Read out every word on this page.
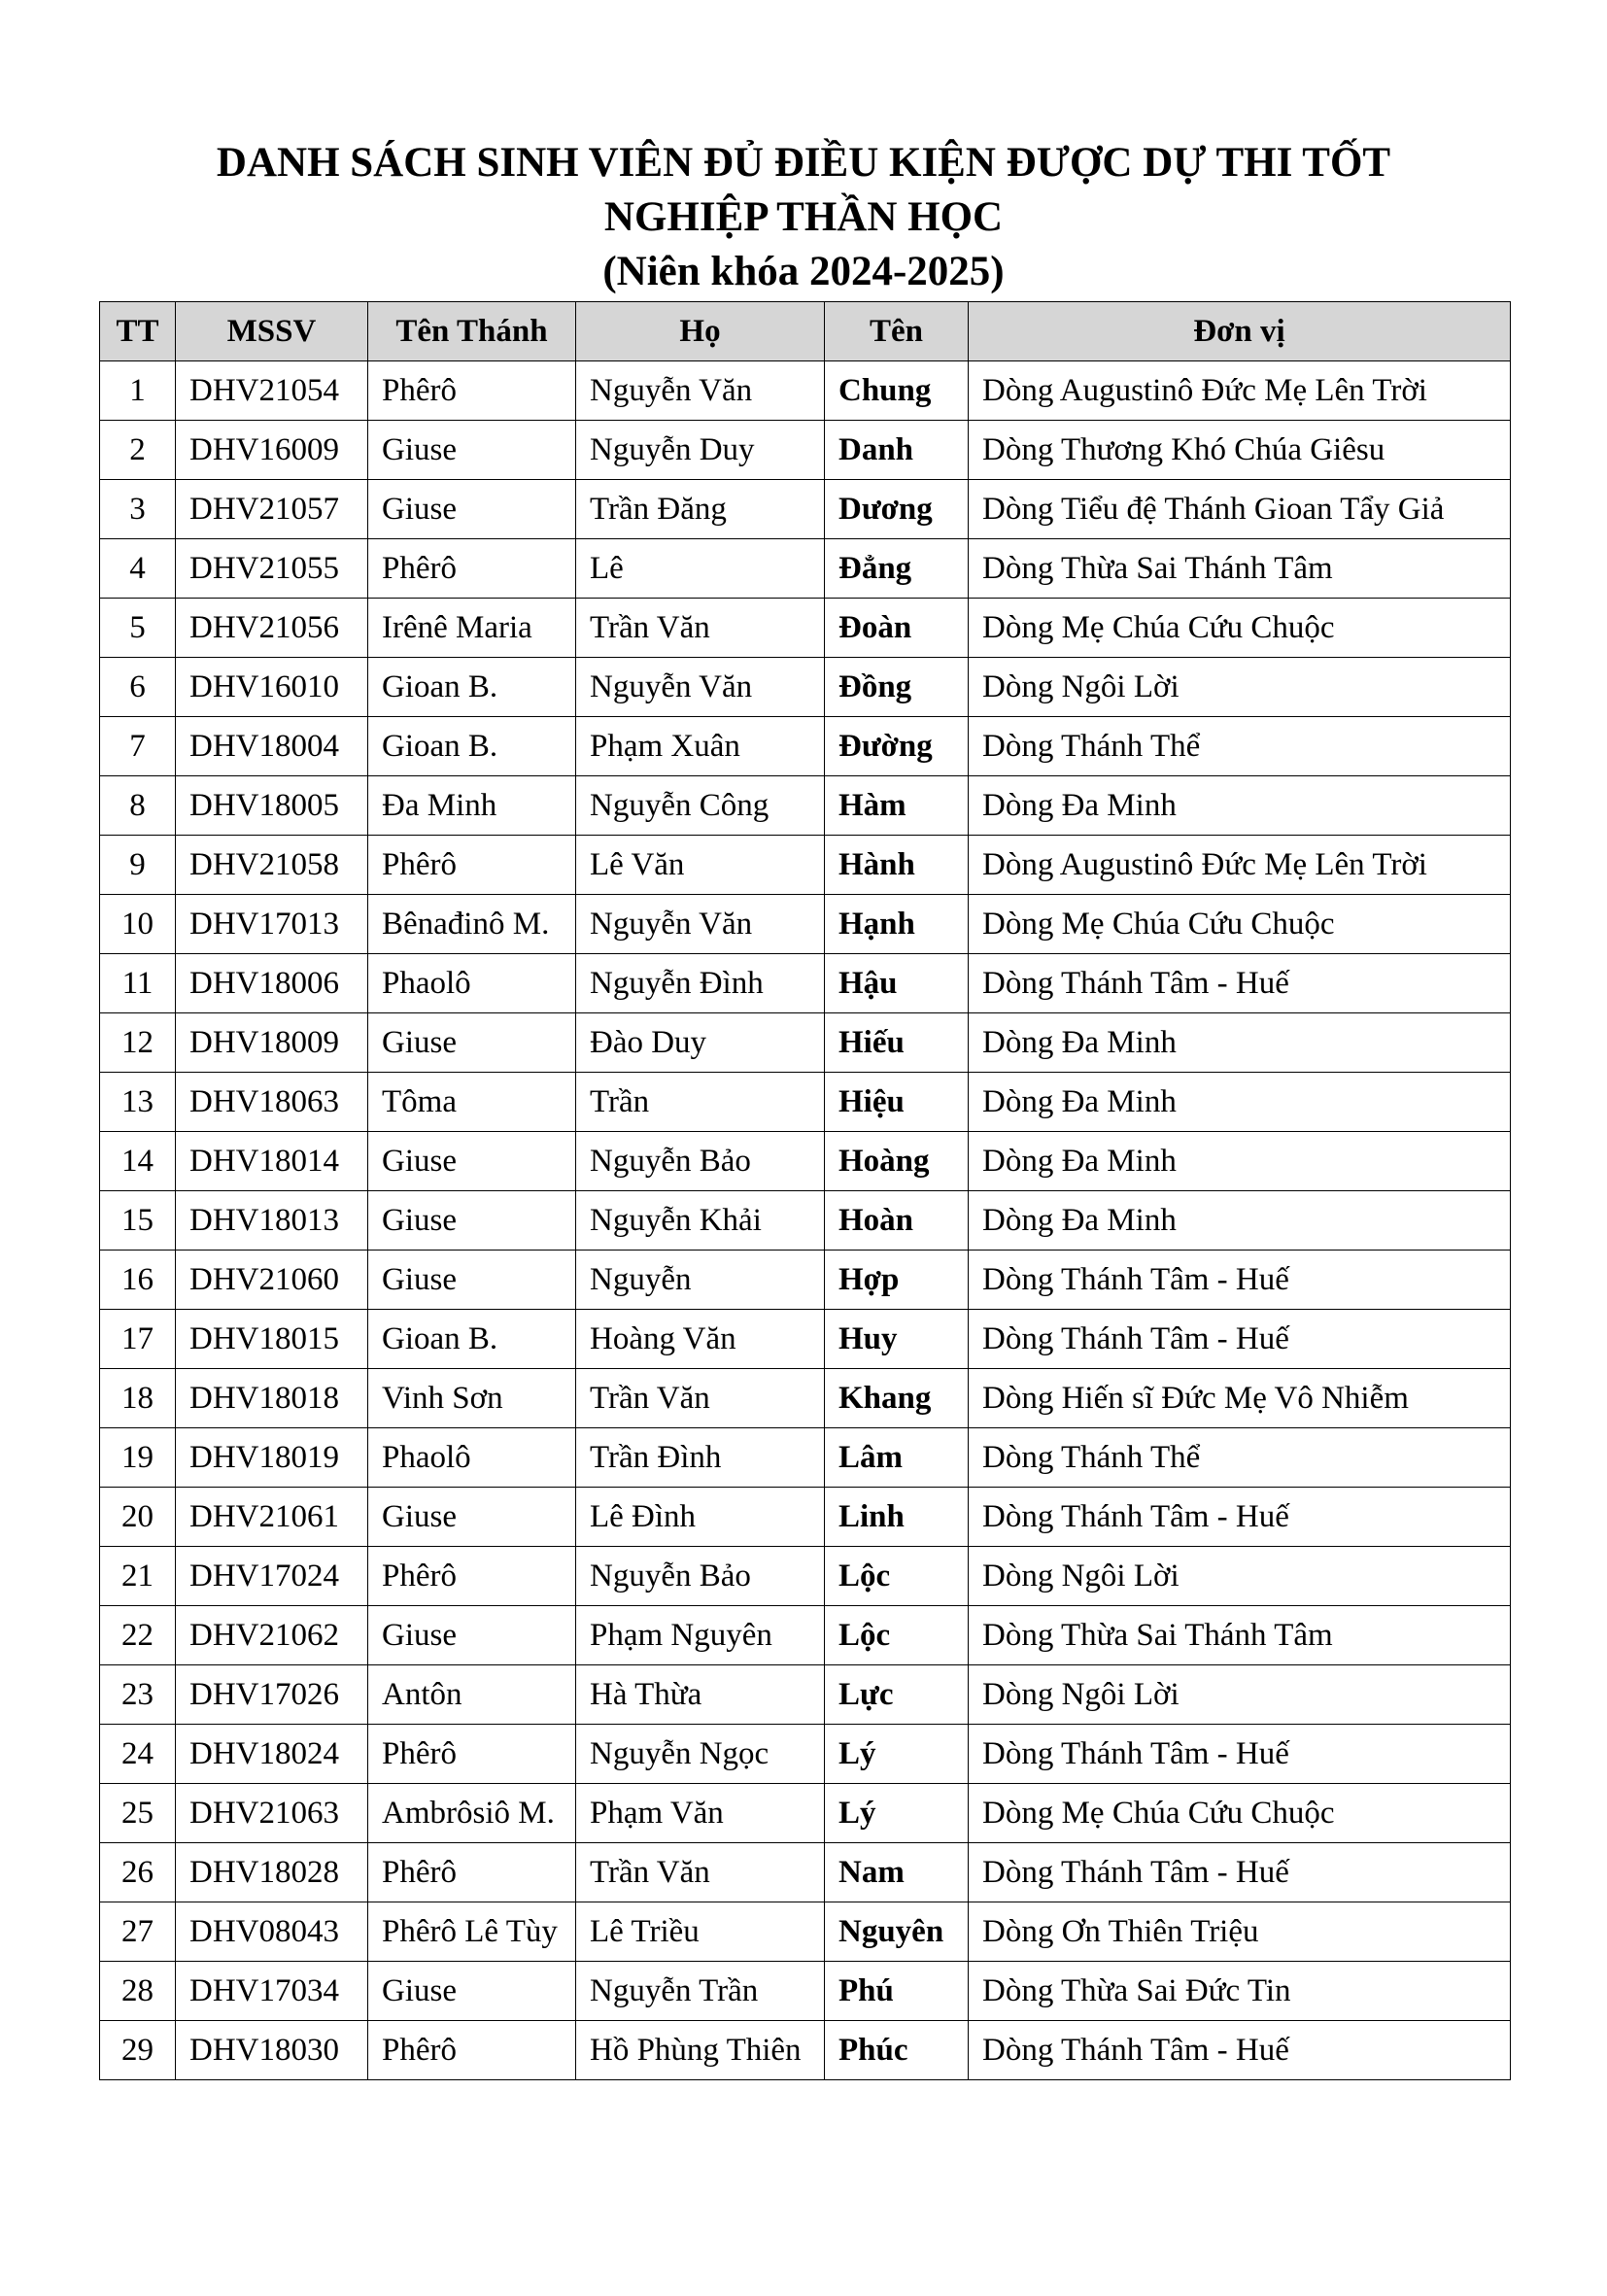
DANH SÁCH SINH VIÊN ĐỦ ĐIỀU KIỆN ĐƯỢC DỰ THI TỐT
NGHIỆP THẦN HỌC
(Niên khóa 2024-2025)
TT	MSSV	Tên Thánh	Họ	Tên	Đơn vị
1	DHV21054	Phêrô	Nguyễn Văn	Chung	Dòng Augustinô Đức Mẹ Lên Trời
2	DHV16009	Giuse	Nguyễn Duy	Danh	Dòng Thương Khó Chúa Giêsu
3	DHV21057	Giuse	Trần Đăng	Dương	Dòng Tiểu đệ Thánh Gioan Tẩy Giả
4	DHV21055	Phêrô	Lê	Đẳng	Dòng Thừa Sai Thánh Tâm
5	DHV21056	Irênê Maria	Trần Văn	Đoàn	Dòng Mẹ Chúa Cứu Chuộc
6	DHV16010	Gioan B.	Nguyễn Văn	Đồng	Dòng Ngôi Lời
7	DHV18004	Gioan B.	Phạm Xuân	Đường	Dòng Thánh Thể
8	DHV18005	Đa Minh	Nguyễn Công	Hàm	Dòng Đa Minh
9	DHV21058	Phêrô	Lê Văn	Hành	Dòng Augustinô Đức Mẹ Lên Trời
10	DHV17013	Bênađinô M.	Nguyễn Văn	Hạnh	Dòng Mẹ Chúa Cứu Chuộc
11	DHV18006	Phaolô	Nguyễn Đình	Hậu	Dòng Thánh Tâm - Huế
12	DHV18009	Giuse	Đào Duy	Hiếu	Dòng Đa Minh
13	DHV18063	Tôma	Trần	Hiệu	Dòng Đa Minh
14	DHV18014	Giuse	Nguyễn Bảo	Hoàng	Dòng Đa Minh
15	DHV18013	Giuse	Nguyễn Khải	Hoàn	Dòng Đa Minh
16	DHV21060	Giuse	Nguyễn	Hợp	Dòng Thánh Tâm - Huế
17	DHV18015	Gioan B.	Hoàng Văn	Huy	Dòng Thánh Tâm - Huế
18	DHV18018	Vinh Sơn	Trần Văn	Khang	Dòng Hiến sĩ Đức Mẹ Vô Nhiễm
19	DHV18019	Phaolô	Trần Đình	Lâm	Dòng Thánh Thể
20	DHV21061	Giuse	Lê Đình	Linh	Dòng Thánh Tâm - Huế
21	DHV17024	Phêrô	Nguyễn Bảo	Lộc	Dòng Ngôi Lời
22	DHV21062	Giuse	Phạm Nguyên	Lộc	Dòng Thừa Sai Thánh Tâm
23	DHV17026	Antôn	Hà Thừa	Lực	Dòng Ngôi Lời
24	DHV18024	Phêrô	Nguyễn Ngọc	Lý	Dòng Thánh Tâm - Huế
25	DHV21063	Ambrôsiô M.	Phạm Văn	Lý	Dòng Mẹ Chúa Cứu Chuộc
26	DHV18028	Phêrô	Trần Văn	Nam	Dòng Thánh Tâm - Huế
27	DHV08043	Phêrô Lê Tùy	Lê Triều	Nguyên	Dòng Ơn Thiên Triệu
28	DHV17034	Giuse	Nguyễn Trần	Phú	Dòng Thừa Sai Đức Tin
29	DHV18030	Phêrô	Hồ Phùng Thiên	Phúc	Dòng Thánh Tâm - Huế
